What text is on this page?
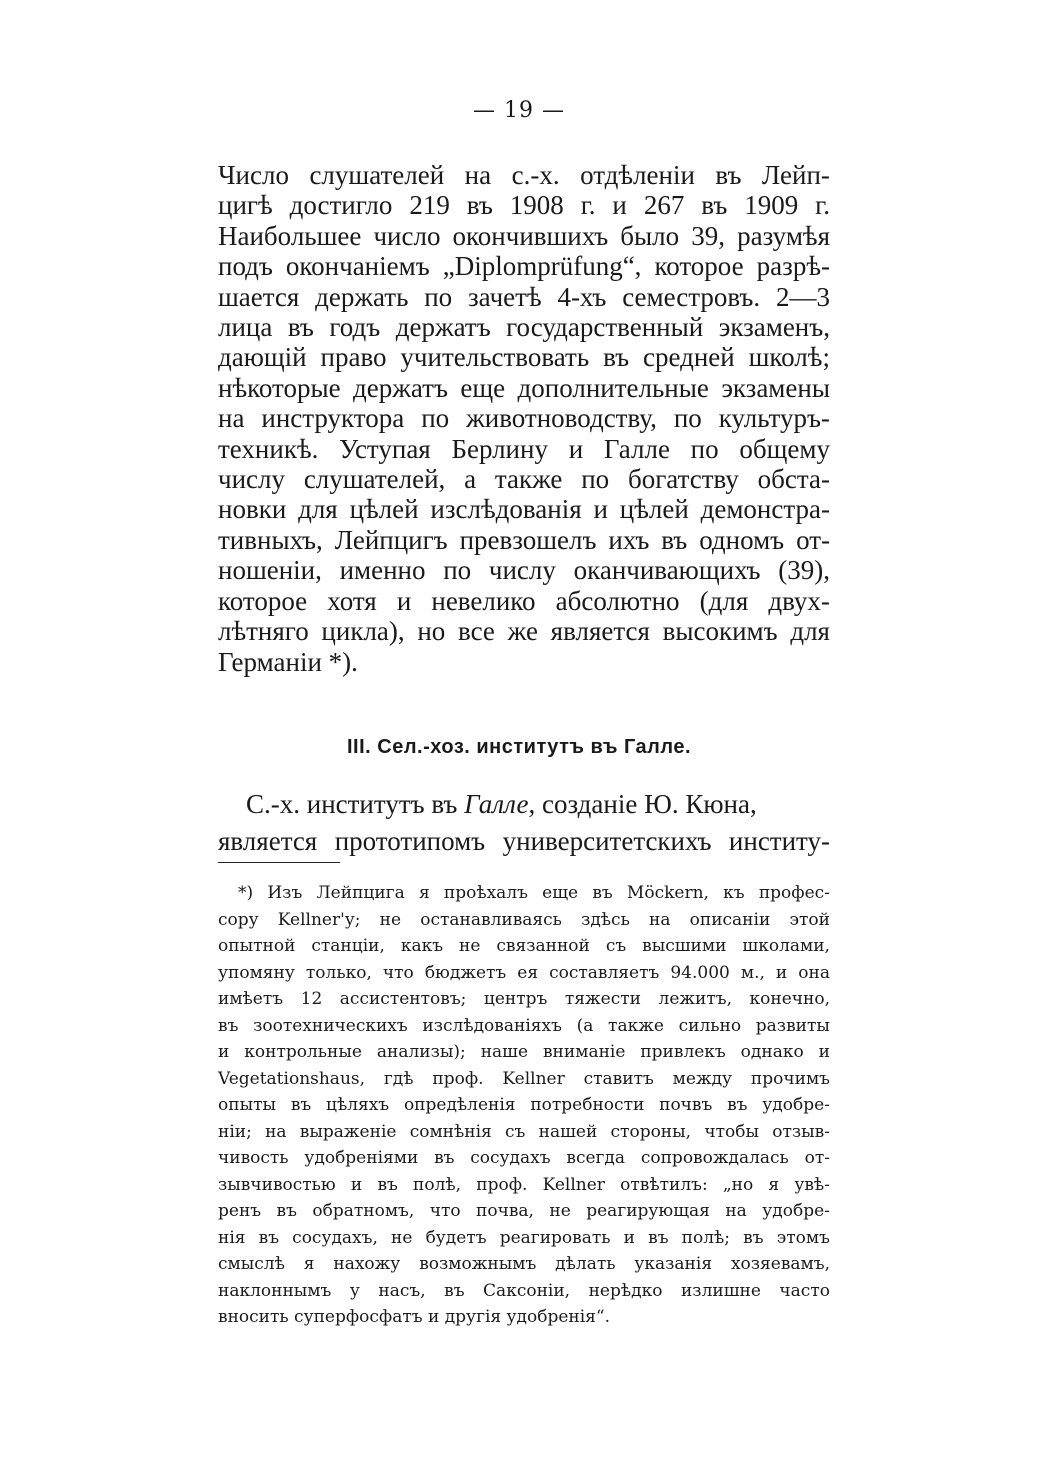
— 19 —
Число слушателей на с.-х. отдѣленіи въ Лейп-
цигѣ достигло 219 въ 1908 г. и 267 въ 1909 г.
Наибольшее число окончившихъ было 39, разумѣя
подъ окончаніемъ „Diplomprüfung“, которое разрѣ-
шается держать по зачетѣ 4-хъ семестровъ. 2—3
лица въ годъ держатъ государственный экзаменъ,
дающій право учительствовать въ средней школѣ;
нѣкоторые держатъ еще дополнительные экзамены
на инструктора по животноводству, по культуръ-
техникѣ. Уступая Берлину и Галле по общему
числу слушателей, а также по богатству обста-
новки для цѣлей изслѣдованія и цѣлей демонстра-
тивныхъ, Лейпцигъ превзошелъ ихъ въ одномъ от-
ношеніи, именно по числу оканчивающихъ (39),
которое хотя и невелико абсолютно (для двух-
лѣтняго цикла), но все же является высокимъ для
Германіи *).
III. Сел.-хоз. институтъ въ Галле.
С.-х. институтъ въ Галле, созданіе Ю. Кюна,
является прототипомъ университетскихъ институ-
*) Изъ Лейпцига я проѣхалъ еще въ Möckern, къ профес-
сору Kellner'у; не останавливаясь здѣсь на описаніи этой
опытной станціи, какъ не связанной съ высшими школами,
упомяну только, что бюджетъ ея составляетъ 94.000 м., и она
имѣетъ 12 ассистентовъ; центръ тяжести лежитъ, конечно,
въ зоотехническихъ изслѣдованіяхъ (а также сильно развиты
и контрольные анализы); наше вниманіе привлекъ однако и
Vegetationshaus, гдѣ проф. Kellner ставитъ между прочимъ
опыты въ цѣляхъ опредѣленія потребности почвъ въ удобре-
ніи; на выраженіе сомнѣнія съ нашей стороны, чтобы отзыв-
чивость удобреніями въ сосудахъ всегда сопровождалась от-
зывчивостью и въ полѣ, проф. Kellner отвѣтилъ: „но я увѣ-
ренъ въ обратномъ, что почва, не реагирующая на удобре-
нія въ сосудахъ, не будетъ реагировать и въ полѣ; въ этомъ
смыслѣ я нахожу возможнымъ дѣлать указанія хозяевамъ,
наклоннымъ у насъ, въ Саксоніи, нерѣдко излишне часто
вносить суперфосфатъ и другія удобренія“.
